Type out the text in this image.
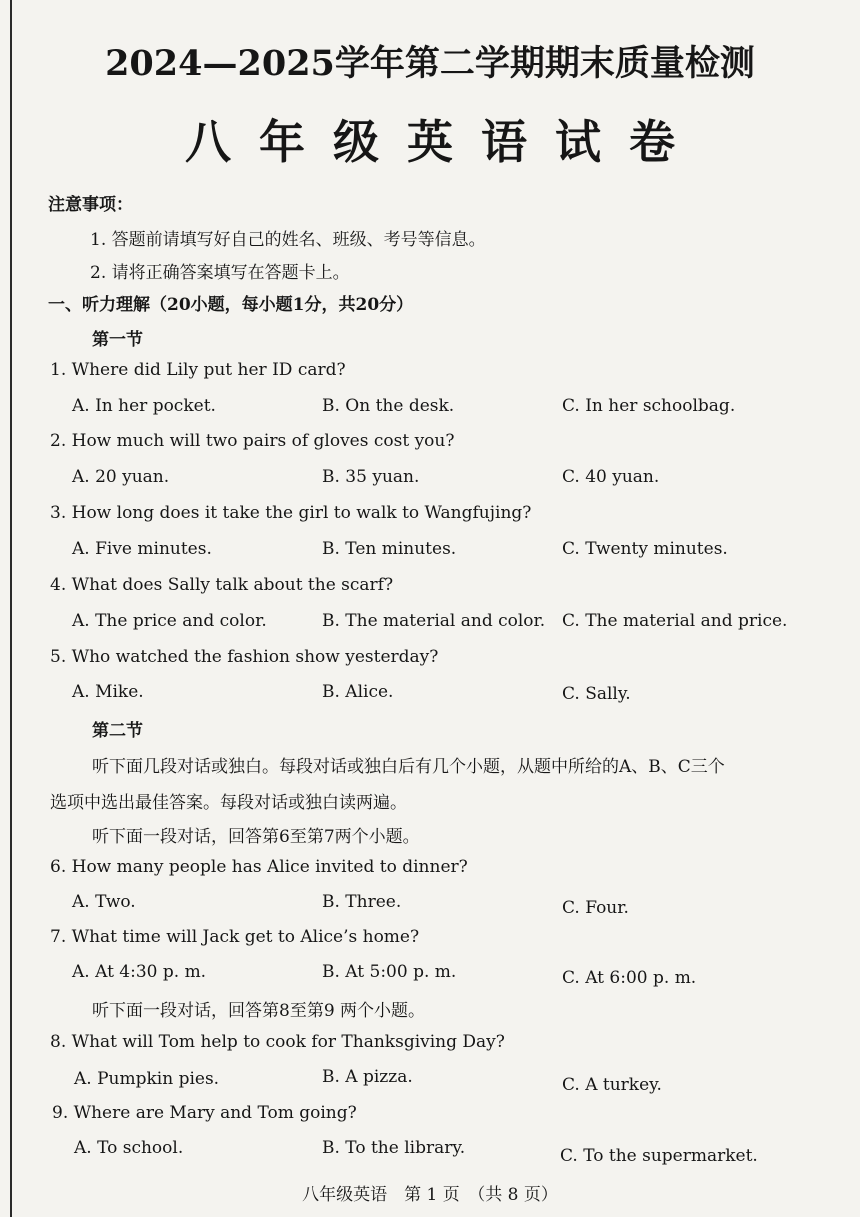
2024—2025学年第二学期期末质量检测
八年级英语试卷
注意事项：
1. 答题前请填写好自己的姓名、班级、考号等信息。
2. 请将正确答案填写在答题卡上。
一、听力理解（20小题，每小题1分，共20分）
第一节
1. Where did Lily put her ID card?
A. In her pocket.	B. On the desk.	C. In her schoolbag.
2. How much will two pairs of gloves cost you?
A. 20 yuan.	B. 35 yuan.	C. 40 yuan.
3. How long does it take the girl to walk to Wangfujing?
A. Five minutes.	B. Ten minutes.	C. Twenty minutes.
4. What does Sally talk about the scarf?
A. The price and color.	B. The material and color. C. The material and price.
5. Who watched the fashion show yesterday?
A. Mike.	B. Alice.	C. Sally.
第二节
听下面几段对话或独白。每段对话或独白后有几个小题，从题中所给的A、B、C三个
选项中选出最佳答案。每段对话或独白读两遍。
听下面一段对话，回答第6至第7两个小题。
6. How many people has Alice invited to dinner?
A. Two.	B. Three.	C. Four.
7. What time will Jack get to Alice’s home?
A. At 4:30 p. m.	B. At 5:00 p. m.	C. At 6:00 p. m.
听下面一段对话，回答第8至第9 两个小题。
8. What will Tom help to cook for Thanksgiving Day?
A. Pumpkin pies.	B. A pizza.	C. A turkey.
9. Where are Mary and Tom going?
A. To school.	B. To the library.	C. To the supermarket.
八年级英语　第 1 页　（共 8 页）
